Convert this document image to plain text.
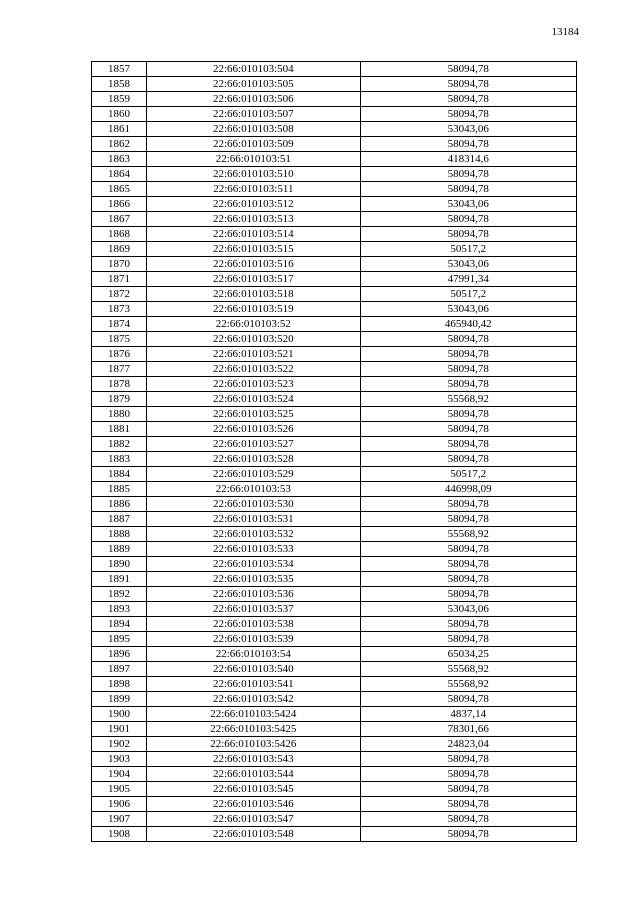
13184
1857	22:66:010103:504	58094,78
1858	22:66:010103:505	58094,78
1859	22:66:010103:506	58094,78
1860	22:66:010103:507	58094,78
1861	22:66:010103:508	53043,06
1862	22:66:010103:509	58094,78
1863	22:66:010103:51	418314,6
1864	22:66:010103:510	58094,78
1865	22:66:010103:511	58094,78
1866	22:66:010103:512	53043,06
1867	22:66:010103:513	58094,78
1868	22:66:010103:514	58094,78
1869	22:66:010103:515	50517,2
1870	22:66:010103:516	53043,06
1871	22:66:010103:517	47991,34
1872	22:66:010103:518	50517,2
1873	22:66:010103:519	53043,06
1874	22:66:010103:52	465940,42
1875	22:66:010103:520	58094,78
1876	22:66:010103:521	58094,78
1877	22:66:010103:522	58094,78
1878	22:66:010103:523	58094,78
1879	22:66:010103:524	55568,92
1880	22:66:010103:525	58094,78
1881	22:66:010103:526	58094,78
1882	22:66:010103:527	58094,78
1883	22:66:010103:528	58094,78
1884	22:66:010103:529	50517,2
1885	22:66:010103:53	446998,09
1886	22:66:010103:530	58094,78
1887	22:66:010103:531	58094,78
1888	22:66:010103:532	55568,92
1889	22:66:010103:533	58094,78
1890	22:66:010103:534	58094,78
1891	22:66:010103:535	58094,78
1892	22:66:010103:536	58094,78
1893	22:66:010103:537	53043,06
1894	22:66:010103:538	58094,78
1895	22:66:010103:539	58094,78
1896	22:66:010103:54	65034,25
1897	22:66:010103:540	55568,92
1898	22:66:010103:541	55568,92
1899	22:66:010103:542	58094,78
1900	22:66:010103:5424	4837,14
1901	22:66:010103:5425	78301,66
1902	22:66:010103:5426	24823,04
1903	22:66:010103:543	58094,78
1904	22:66:010103:544	58094,78
1905	22:66:010103:545	58094,78
1906	22:66:010103:546	58094,78
1907	22:66:010103:547	58094,78
1908	22:66:010103:548	58094,78
